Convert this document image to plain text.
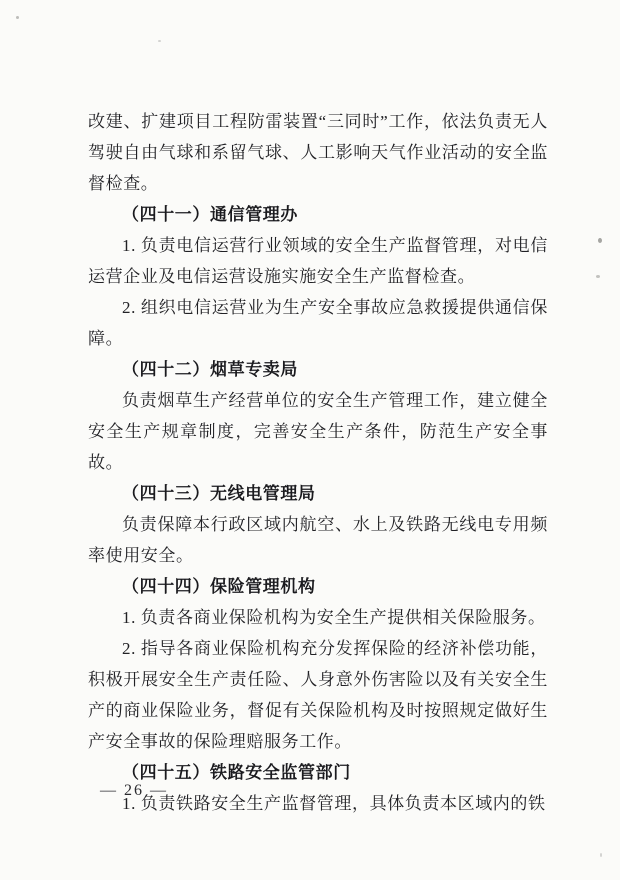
改建、扩建项目工程防雷装置“三同时”工作，依法负责无人驾驶自由气球和系留气球、人工影响天气作业活动的安全监督检查。

（四十一）通信管理办

1. 负责电信运营行业领域的安全生产监督管理，对电信运营企业及电信运营设施实施安全生产监督检查。

2. 组织电信运营业为生产安全事故应急救援提供通信保障。

（四十二）烟草专卖局

负责烟草生产经营单位的安全生产管理工作，建立健全安全生产规章制度，完善安全生产条件，防范生产安全事故。

（四十三）无线电管理局

负责保障本行政区域内航空、水上及铁路无线电专用频率使用安全。

（四十四）保险管理机构

1. 负责各商业保险机构为安全生产提供相关保险服务。

2. 指导各商业保险机构充分发挥保险的经济补偿功能，积极开展安全生产责任险、人身意外伤害险以及有关安全生产的商业保险业务，督促有关保险机构及时按照规定做好生产安全事故的保险理赔服务工作。

（四十五）铁路安全监管部门

1. 负责铁路安全生产监督管理，具体负责本区域内的铁

— 26 —
